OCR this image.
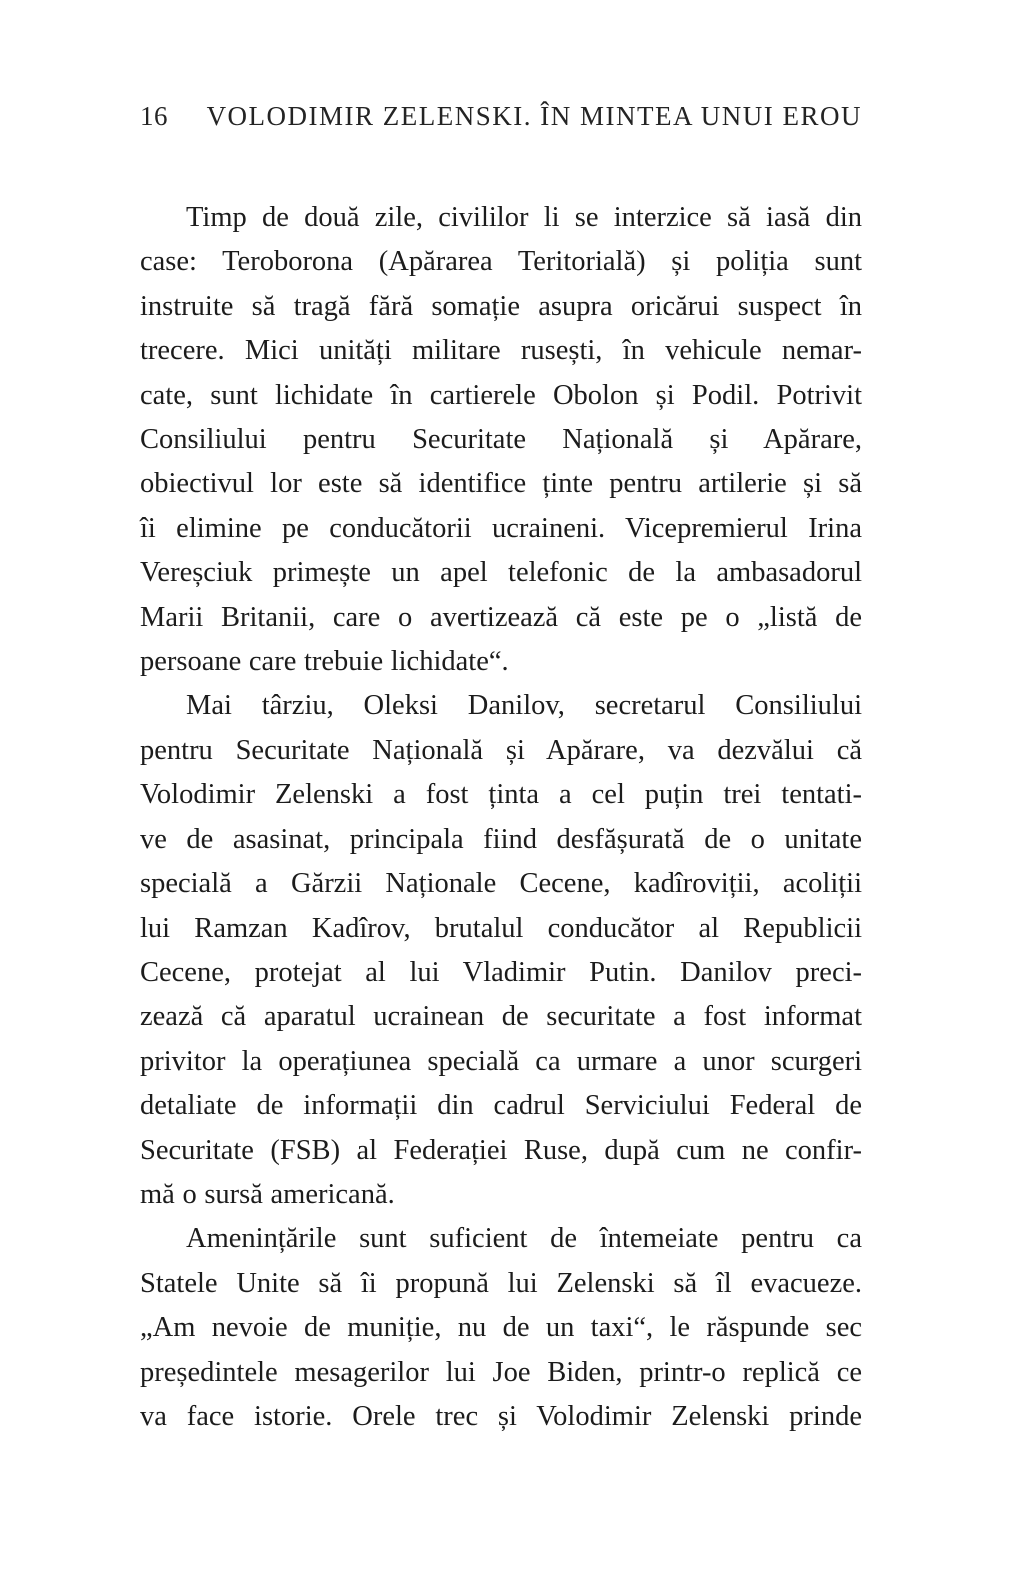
16 VOLODIMIR ZELENSKI. ÎN MINTEA UNUI EROU
Timp de două zile, civililor li se interzice să iasă din
case: Teroborona (Apărarea Teritorială) și poliția sunt
instruite să tragă fără somație asupra oricărui suspect în
trecere. Mici unități militare rusești, în vehicule nemar-
cate, sunt lichidate în cartierele Obolon și Podil. Potrivit
Consiliului pentru Securitate Națională și Apărare,
obiectivul lor este să identifice ținte pentru artilerie și să
îi elimine pe conducătorii ucraineni. Vicepremierul Irina
Vereșciuk primește un apel telefonic de la ambasadorul
Marii Britanii, care o avertizează că este pe o „listă de
persoane care trebuie lichidate“.
Mai târziu, Oleksi Danilov, secretarul Consiliului
pentru Securitate Națională și Apărare, va dezvălui că
Volodimir Zelenski a fost ținta a cel puțin trei tentati-
ve de asasinat, principala fiind desfășurată de o unitate
specială a Gărzii Naționale Cecene, kadîroviții, acoliții
lui Ramzan Kadîrov, brutalul conducător al Republicii
Cecene, protejat al lui Vladimir Putin. Danilov preci-
zează că aparatul ucrainean de securitate a fost informat
privitor la operațiunea specială ca urmare a unor scurgeri
detaliate de informații din cadrul Serviciului Federal de
Securitate (FSB) al Federației Ruse, după cum ne confir-
mă o sursă americană.
Amenințările sunt suficient de întemeiate pentru ca
Statele Unite să îi propună lui Zelenski să îl evacueze.
„Am nevoie de muniție, nu de un taxi“, le răspunde sec
președintele mesagerilor lui Joe Biden, printr-o replică ce
va face istorie. Orele trec și Volodimir Zelenski prinde
